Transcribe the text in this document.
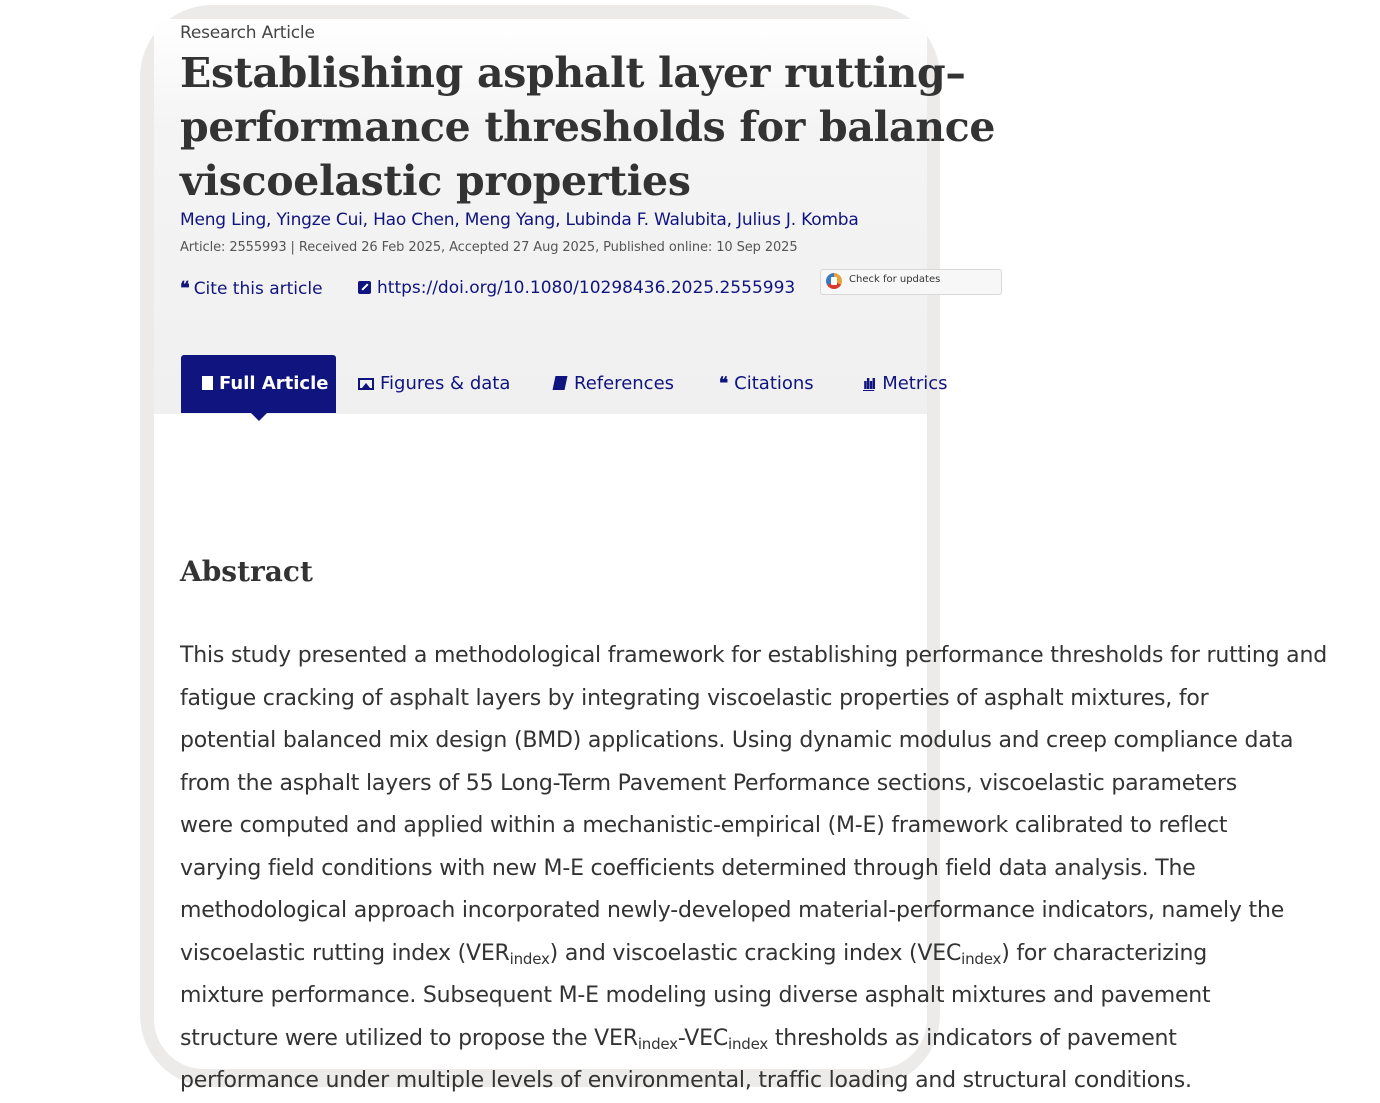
Research Article
Establishing asphalt layer rutting–
performance thresholds for balance
viscoelastic properties
Meng Ling, Yingze Cui, Hao Chen, Meng Yang, Lubinda F. Walubita, Julius J. Komba
Article: 2555993 | Received 26 Feb 2025, Accepted 27 Aug 2025, Published online: 10 Sep 2025
❝ Cite this article	https://doi.org/10.1080/10298436.2025.2555993	Check for updates
Full Article	Figures & data	References	❝ Citations	ılıl Metrics
Abstract
This study presented a methodological framework for establishing performance thresholds for rutting and
fatigue cracking of asphalt layers by integrating viscoelastic properties of asphalt mixtures, for
potential balanced mix design (BMD) applications. Using dynamic modulus and creep compliance data
from the asphalt layers of 55 Long-Term Pavement Performance sections, viscoelastic parameters
were computed and applied within a mechanistic-empirical (M-E) framework calibrated to reflect
varying field conditions with new M-E coefficients determined through field data analysis. The
methodological approach incorporated newly-developed material-performance indicators, namely the
viscoelastic rutting index $(VER_{index})$ and viscoelastic cracking index $(VEC_{index})$ for characterizing
mixture performance. Subsequent M-E modeling using diverse asphalt mixtures and pavement
structure were utilized to propose the $VER_{index}-VEC_{index}$ thresholds as indicators of pavement
performance under multiple levels of environmental, traffic loading and structural conditions.
